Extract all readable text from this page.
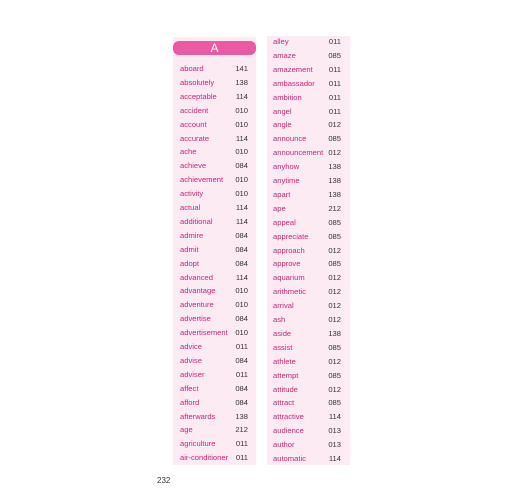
A
aboard	141
absolutely	138
acceptable	114
accident	010
account	010
accurate	114
ache	010
achieve	084
achievement 010
activity	010
actual	114
additional	114
admire	084
admit	084
adopt	084
advanced	114
advantage	010
adventure	010
advertise	084
advertisement 010
advice	011
advise	084
adviser	011
affect	084
afford	084
afterwards	138
age	212
agriculture	011
air-conditioner 011
alley	011
amaze	085
amazement 011
ambassador 011
ambition	011
angel	011
angle	012
announce	085
announcement 012
anyhow	138
anytime	138
apart	138
ape	212
appeal	085
appreciate	085
approach	012
approve	085
aquarium	012
arithmetic	012
arrival	012
ash	012
aside	138
assist	085
athlete	012
attempt	085
attitude	012
attract	085
attractive	114
audience	013
author	013
automatic	114
232
